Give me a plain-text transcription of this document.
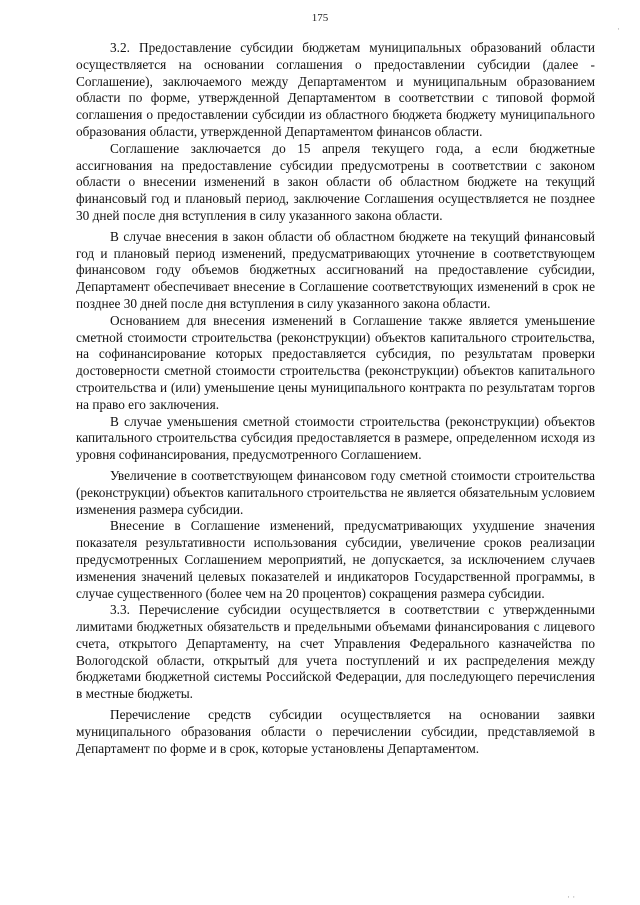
175

3.2. Предоставление субсидии бюджетам муниципальных образований области осуществляется на основании соглашения о предоставлении субсидии (далее - Соглашение), заключаемого между Департаментом и муниципальным образованием области по форме, утвержденной Департаментом в соответствии с типовой формой соглашения о предоставлении субсидии из областного бюджета бюджету муниципального образования области, утвержденной Департаментом финансов области.

Соглашение заключается до 15 апреля текущего года, а если бюджетные ассигнования на предоставление субсидии предусмотрены в соответствии с законом области о внесении изменений в закон области об областном бюджете на текущий финансовый год и плановый период, заключение Соглашения осуществляется не позднее 30 дней после дня вступления в силу указанного закона области.

В случае внесения в закон области об областном бюджете на текущий финансовый год и плановый период изменений, предусматривающих уточнение в соответствующем финансовом году объемов бюджетных ассигнований на предоставление субсидии, Департамент обеспечивает внесение в Соглашение соответствующих изменений в срок не позднее 30 дней после дня вступления в силу указанного закона области.

Основанием для внесения изменений в Соглашение также является уменьшение сметной стоимости строительства (реконструкции) объектов капитального строительства, на софинансирование которых предоставляется субсидия, по результатам проверки достоверности сметной стоимости строительства (реконструкции) объектов капитального строительства и (или) уменьшение цены муниципального контракта по результатам торгов на право его заключения.

В случае уменьшения сметной стоимости строительства (реконструкции) объектов капитального строительства субсидия предоставляется в размере, определенном исходя из уровня софинансирования, предусмотренного Соглашением.

Увеличение в соответствующем финансовом году сметной стоимости строительства (реконструкции) объектов капитального строительства не является обязательным условием изменения размера субсидии.

Внесение в Соглашение изменений, предусматривающих ухудшение значения показателя результативности использования субсидии, увеличение сроков реализации предусмотренных Соглашением мероприятий, не допускается, за исключением случаев изменения значений целевых показателей и индикаторов Государственной программы, в случае существенного (более чем на 20 процентов) сокращения размера субсидии.

3.3. Перечисление субсидии осуществляется в соответствии с утвержденными лимитами бюджетных обязательств и предельными объемами финансирования с лицевого счета, открытого Департаменту, на счет Управления Федерального казначейства по Вологодской области, открытый для учета поступлений и их распределения между бюджетами бюджетной системы Российской Федерации, для последующего перечисления в местные бюджеты.

Перечисление средств субсидии осуществляется на основании заявки муниципального образования области о перечислении субсидии, представляемой в Департамент по форме и в срок, которые установлены Департаментом.

·
· ·
